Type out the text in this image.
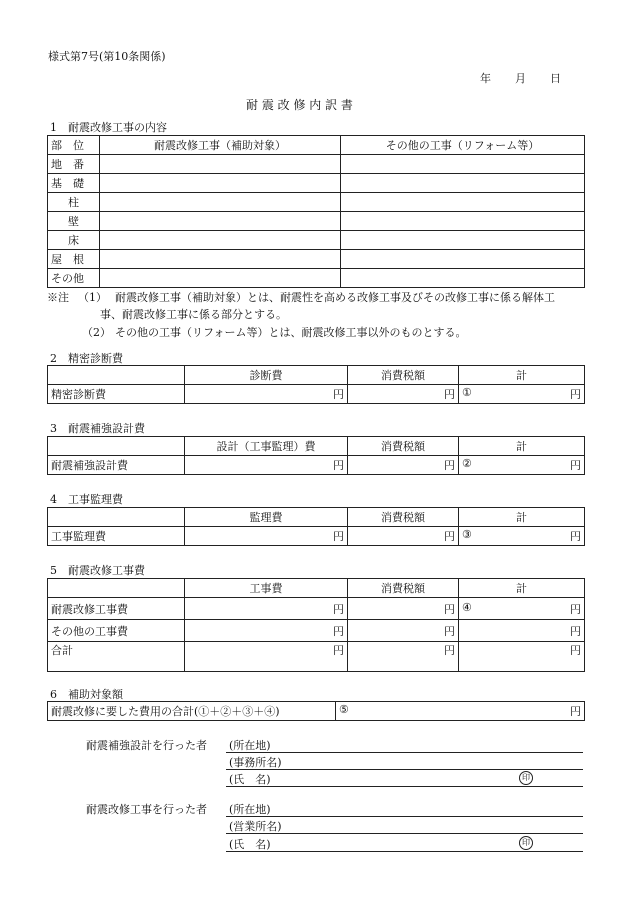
様式第7号(第10条関係)
年 月 日
耐 震 改 修 内 訳 書
1　耐震改修工事の内容
部　位	耐震改修工事（補助対象）	その他の工事（リフォーム等）
地　番		
基　礎		
柱		
壁		
床		
屋　根		
その他		
※注 （1） 耐震改修工事（補助対象）とは、耐震性を高める改修工事及びその改修工事に係る解体工
事、耐震改修工事に係る部分とする。
（2） その他の工事（リフォーム等）とは、耐震改修工事以外のものとする。
2　精密診断費
	診断費	消費税額	計
精密診断費	円	円	① 円
3　耐震補強設計費
	設計（工事監理）費	消費税額	計
耐震補強設計費	円	円	② 円
4　工事監理費
	監理費	消費税額	計
工事監理費	円	円	③ 円
5　耐震改修工事費
	工事費	消費税額	計
耐震改修工事費	円	円	④ 円

その他の工事費	円	円	円
合計	円	円	円
6　補助対象額
耐震改修に要した費用の合計(①＋②＋③＋④)	⑤	円
耐震補強設計を行った者 (所在地)
(事務所名)
(氏　名)	印
耐震改修工事を行った者 (所在地)
(営業所名)
(氏　名)	印
